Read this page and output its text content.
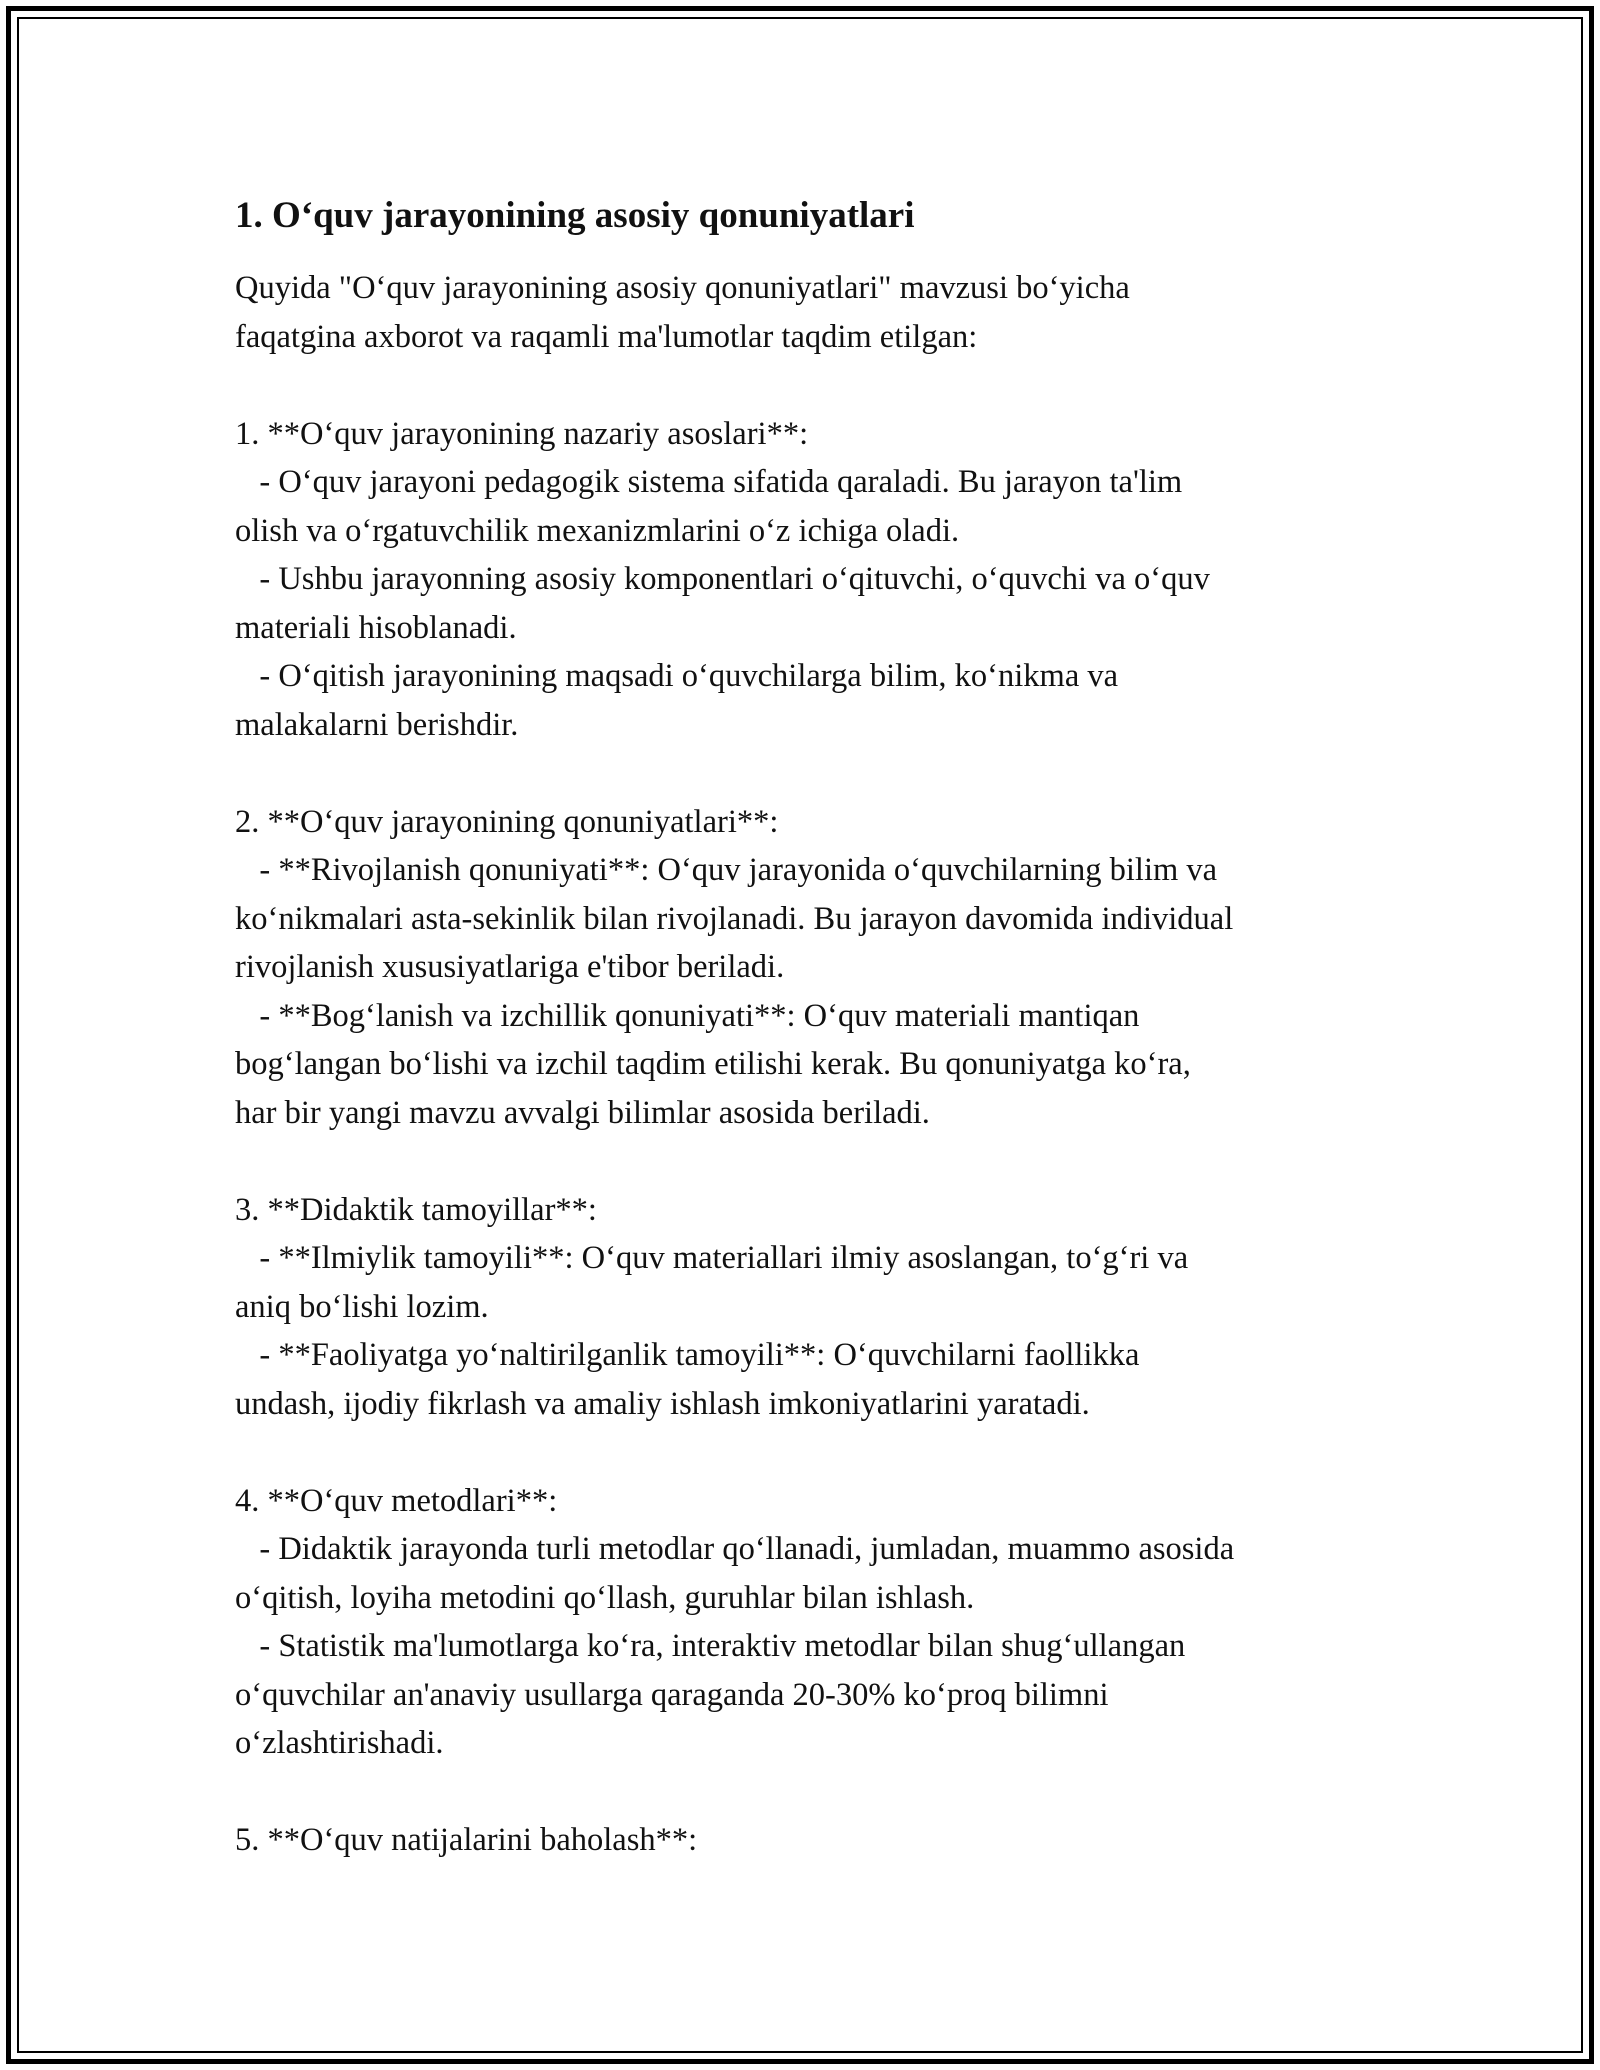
1. O‘quv jarayonining asosiy qonuniyatlari

Quyida "O‘quv jarayonining asosiy qonuniyatlari" mavzusi bo‘yicha
faqatgina axborot va raqamli ma'lumotlar taqdim etilgan:

1. **O‘quv jarayonining nazariy asoslari**:

- O‘quv jarayoni pedagogik sistema sifatida qaraladi. Bu jarayon ta'lim
olish va o‘rgatuvchilik mexanizmlarini o‘z ichiga oladi.

- Ushbu jarayonning asosiy komponentlari o‘qituvchi, o‘quvchi va o‘quv
materiali hisoblanadi.

- O‘qitish jarayonining maqsadi o‘quvchilarga bilim, ko‘nikma va
malakalarni berishdir.

2. **O‘quv jarayonining qonuniyatlari**:

- **Rivojlanish qonuniyati**: O‘quv jarayonida o‘quvchilarning bilim va
ko‘nikmalari asta-sekinlik bilan rivojlanadi. Bu jarayon davomida individual
rivojlanish xususiyatlariga e'tibor beriladi.

- **Bog‘lanish va izchillik qonuniyati**: O‘quv materiali mantiqan
bog‘langan bo‘lishi va izchil taqdim etilishi kerak. Bu qonuniyatga ko‘ra,
har bir yangi mavzu avvalgi bilimlar asosida beriladi.

3. **Didaktik tamoyillar**:

- **Ilmiylik tamoyili**: O‘quv materiallari ilmiy asoslangan, to‘g‘ri va
aniq bo‘lishi lozim.

- **Faoliyatga yo‘naltirilganlik tamoyili**: O‘quvchilarni faollikka
undash, ijodiy fikrlash va amaliy ishlash imkoniyatlarini yaratadi.

4. **O‘quv metodlari**:

- Didaktik jarayonda turli metodlar qo‘llanadi, jumladan, muammo asosida
o‘qitish, loyiha metodini qo‘llash, guruhlar bilan ishlash.

- Statistik ma'lumotlarga ko‘ra, interaktiv metodlar bilan shug‘ullangan
o‘quvchilar an'anaviy usullarga qaraganda 20-30% ko‘proq bilimni
o‘zlashtirishadi.

5. **O‘quv natijalarini baholash**:
